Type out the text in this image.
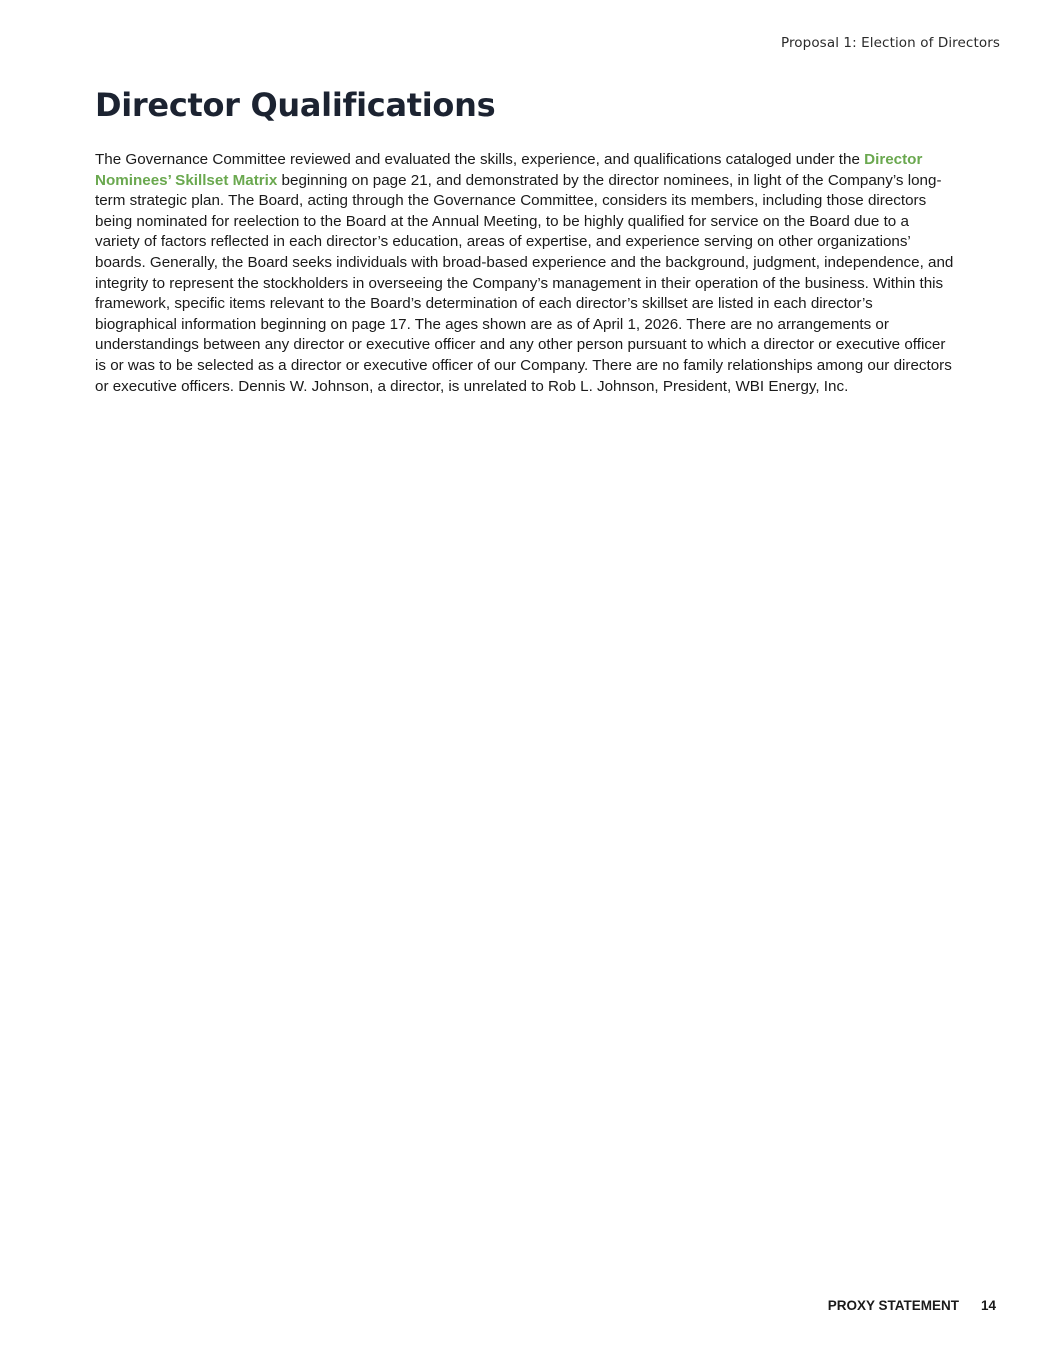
Proposal 1: Election of Directors
Director Qualifications

The Governance Committee reviewed and evaluated the skills, experience, and qualifications cataloged under the Director Nominees’ Skillset Matrix beginning on page 21, and demonstrated by the director nominees, in light of the Company’s long-term strategic plan. The Board, acting through the Governance Committee, considers its members, including those directors being nominated for reelection to the Board at the Annual Meeting, to be highly qualified for service on the Board due to a variety of factors reflected in each director’s education, areas of expertise, and experience serving on other organizations’ boards. Generally, the Board seeks individuals with broad-based experience and the background, judgment, independence, and integrity to represent the stockholders in overseeing the Company’s management in their operation of the business. Within this framework, specific items relevant to the Board’s determination of each director’s skillset are listed in each director’s biographical information beginning on page 17. The ages shown are as of April 1, 2026. There are no arrangements or understandings between any director or executive officer and any other person pursuant to which a director or executive officer is or was to be selected as a director or executive officer of our Company. There are no family relationships among our directors or executive officers. Dennis W. Johnson, a director, is unrelated to Rob L. Johnson, President, WBI Energy, Inc.

PROXY STATEMENT 14
